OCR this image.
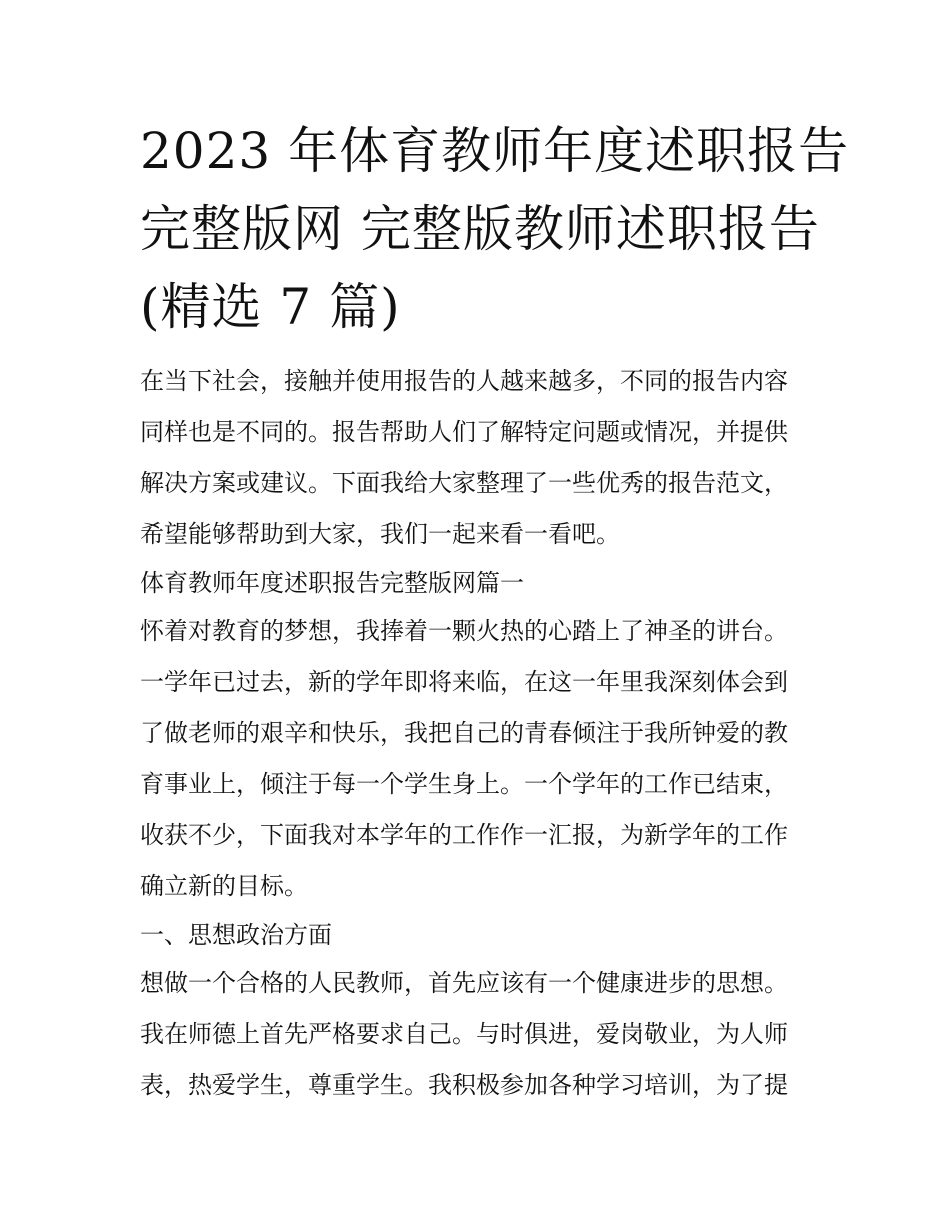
2023 年体育教师年度述职报告
完整版网 完整版教师述职报告
(精选 7 篇)

在当下社会，接触并使用报告的人越来越多，不同的报告内容
同样也是不同的。报告帮助人们了解特定问题或情况，并提供
解决方案或建议。下面我给大家整理了一些优秀的报告范文，
希望能够帮助到大家，我们一起来看一看吧。

体育教师年度述职报告完整版网篇一

怀着对教育的梦想，我捧着一颗火热的心踏上了神圣的讲台。
一学年已过去，新的学年即将来临，在这一年里我深刻体会到
了做老师的艰辛和快乐，我把自己的青春倾注于我所钟爱的教
育事业上，倾注于每一个学生身上。一个学年的工作已结束，
收获不少，下面我对本学年的工作作一汇报，为新学年的工作
确立新的目标。

一、思想政治方面

想做一个合格的人民教师，首先应该有一个健康进步的思想。
我在师德上首先严格要求自己。与时俱进，爱岗敬业，为人师
表，热爱学生，尊重学生。我积极参加各种学习培训，为了提
